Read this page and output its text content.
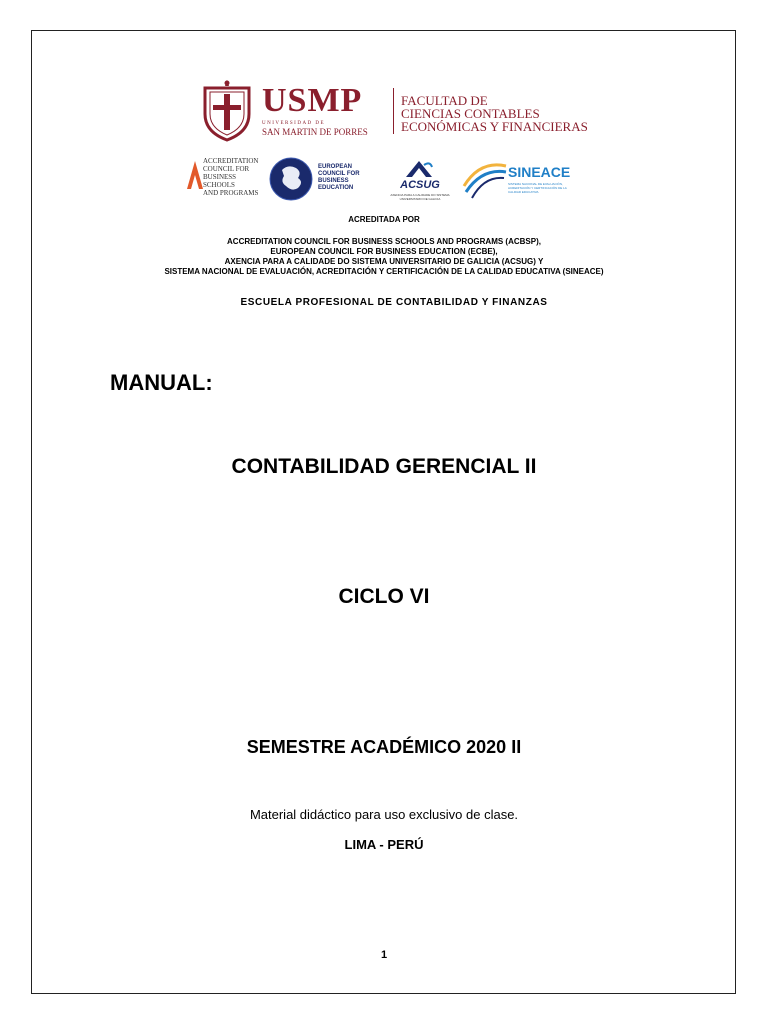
USMP
UNIVERSIDAD DE
SAN MARTIN DE PORRES
FACULTAD DE
CIENCIAS CONTABLES
ECONÓMICAS Y FINANCIERAS
ACCREDITATION
COUNCIL FOR
BUSINESS SCHOOLS
AND PROGRAMS
EUROPEAN
COUNCIL FOR
BUSINESS
EDUCATION	ACSUG
AXENCIA PARA A CALIDADE DO SISTEMA UNIVERSITARIO DE GALICIA
SINEACE
SISTEMA NACIONAL DE EVALUACIÓN, ACREDITACIÓN Y CERTIFICACIÓN DE LA CALIDAD EDUCATIVA
ACREDITADA POR
ACCREDITATION COUNCIL FOR BUSINESS SCHOOLS AND PROGRAMS (ACBSP),
EUROPEAN COUNCIL FOR BUSINESS EDUCATION (ECBE),
AXENCIA PARA A CALIDADE DO SISTEMA UNIVERSITARIO DE GALICIA (ACSUG) Y
SISTEMA NACIONAL DE EVALUACIÓN, ACREDITACIÓN Y CERTIFICACIÓN DE LA CALIDAD EDUCATIVA (SINEACE)
ESCUELA PROFESIONAL DE CONTABILIDAD Y FINANZAS
MANUAL:
CONTABILIDAD GERENCIAL II
CICLO VI
SEMESTRE ACADÉMICO 2020 II
Material didáctico para uso exclusivo de clase.
LIMA - PERÚ
1
